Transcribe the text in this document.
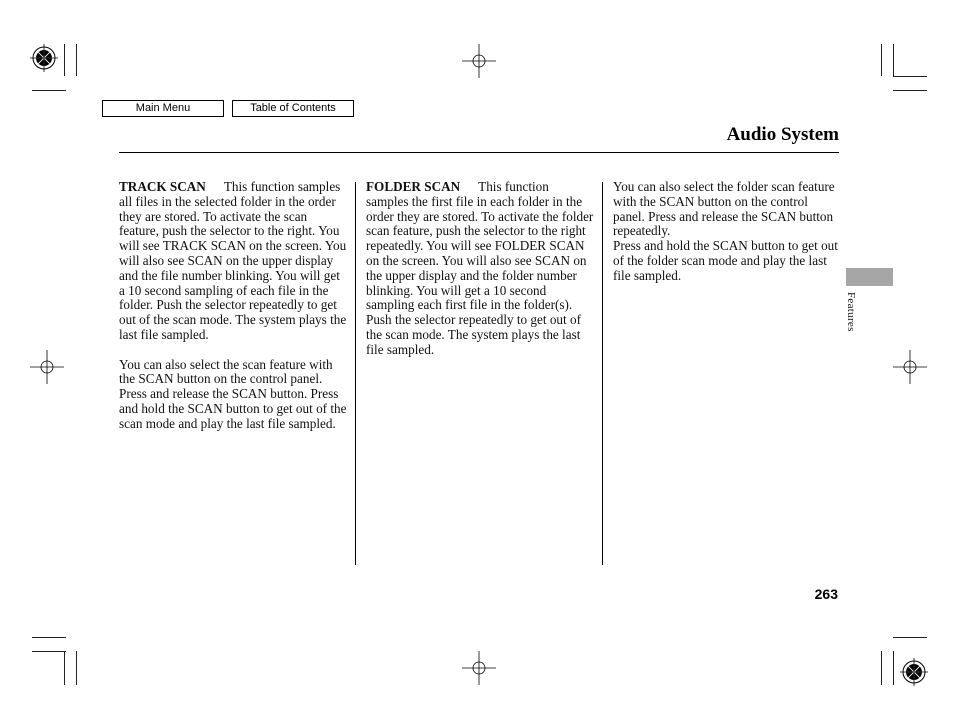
Main Menu	Table of Contents
Audio System

TRACK SCAN This function samples all files in the selected folder in the order they are stored. To activate the scan feature, push the selector to the right. You will see TRACK SCAN on the screen. You will also see SCAN on the upper display and the file number blinking. You will get a 10 second sampling of each file in the folder. Push the selector repeatedly to get out of the scan mode. The system plays the last file sampled.

You can also select the scan feature with the SCAN button on the control panel.

Press and release the SCAN button. Press and hold the SCAN button to get out of the scan mode and play the last file sampled.

FOLDER SCAN This function samples the first file in each folder in the order they are stored. To activate the folder scan feature, push the selector to the right repeatedly. You will see FOLDER SCAN on the screen. You will also see SCAN on the upper display and the folder number blinking. You will get a 10 second sampling each first file in the folder(s). Push the selector repeatedly to get out of the scan mode. The system plays the last file sampled.

You can also select the folder scan feature with the SCAN button on the control panel. Press and release the SCAN button repeatedly.

Press and hold the SCAN button to get out of the folder scan mode and play the last file sampled.

Features
263
